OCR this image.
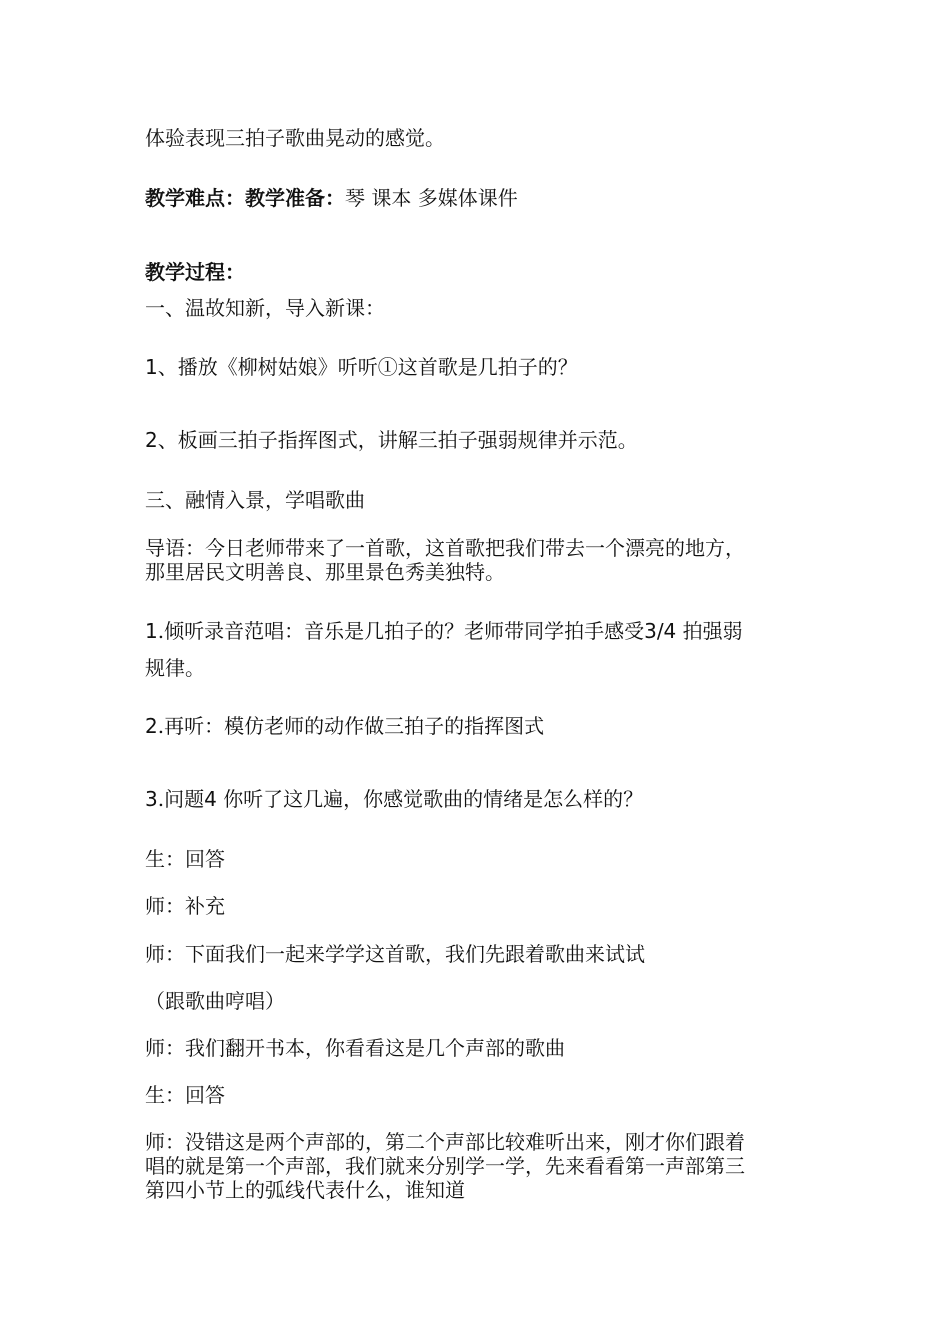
体验表现三拍子歌曲晃动的感觉。
教学难点：教学准备：琴 课本 多媒体课件
教学过程：
一、温故知新，导入新课：
1、播放《柳树姑娘》听听①这首歌是几拍子的？
2、板画三拍子指挥图式，讲解三拍子强弱规律并示范。
三、融情入景，学唱歌曲
导语：今日老师带来了一首歌，这首歌把我们带去一个漂亮的地方，
那里居民文明善良、那里景色秀美独特。
1.倾听录音范唱：音乐是几拍子的？老师带同学拍手感受3/4 拍强弱
规律。
2.再听：模仿老师的动作做三拍子的指挥图式
3.问题4 你听了这几遍，你感觉歌曲的情绪是怎么样的？
生：回答
师：补充
师：下面我们一起来学学这首歌，我们先跟着歌曲来试试
（跟歌曲哼唱）
师：我们翻开书本，你看看这是几个声部的歌曲
生：回答
师：没错这是两个声部的，第二个声部比较难听出来，刚才你们跟着
唱的就是第一个声部，我们就来分别学一学，先来看看第一声部第三
第四小节上的弧线代表什么，谁知道
